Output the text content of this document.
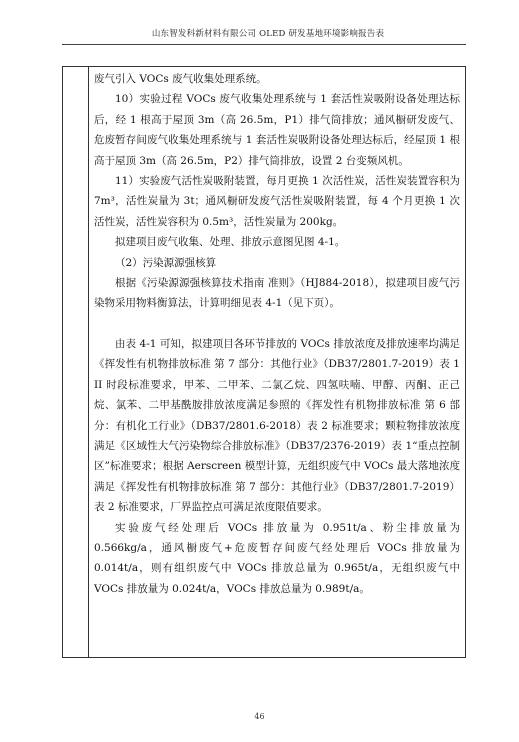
山东智发科新材料有限公司 OLED 研发基地环境影响报告表

废气引入 VOCs 废气收集处理系统。

10）实验过程 VOCs 废气收集处理系统与 1 套活性炭吸附设备处理达标后，经 1 根高于屋顶 3m（高 26.5m，P1）排气筒排放；通风橱研发废气、危废暂存间废气收集处理系统与 1 套活性炭吸附设备处理达标后，经屋顶 1 根高于屋顶 3m（高 26.5m，P2）排气筒排放，设置 2 台变频风机。

11）实验废气活性炭吸附装置，每月更换 1 次活性炭，活性炭装置容积为 7m³，活性炭量为 3t；通风橱研发废气活性炭吸附装置，每 4 个月更换 1 次活性炭，活性炭容积为 0.5m³，活性炭量为 200kg。

拟建项目废气收集、处理、排放示意图见图 4-1。

（2）污染源源强核算

根据《污染源源强核算技术指南 准则》（HJ884-2018），拟建项目废气污染物采用物料衡算法，计算明细见表 4-1（见下页）。

由表 4-1 可知，拟建项目各环节排放的 VOCs 排放浓度及排放速率均满足《挥发性有机物排放标准 第 7 部分：其他行业》（DB37/2801.7-2019）表 1 II 时段标准要求，甲苯、二甲苯、二氯乙烷、四氢呋喃、甲醇、丙酮、正己烷、氯苯、二甲基酰胺排放浓度满足参照的《挥发性有机物排放标准 第 6 部分：有机化工行业》（DB37/2801.6-2018）表 2 标准要求；颗粒物排放浓度满足《区域性大气污染物综合排放标准》（DB37/2376-2019）表 1“重点控制区”标准要求；根据 Aerscreen 模型计算，无组织废气中 VOCs 最大落地浓度满足《挥发性有机物排放标准 第 7 部分：其他行业》（DB37/2801.7-2019）表 2 标准要求，厂界监控点可满足浓度限值要求。

实验废气经处理后 VOCs 排放量为 0.951t/a、粉尘排放量为 0.566kg/a，通风橱废气+危废暂存间废气经处理后 VOCs 排放量为 0.014t/a，则有组织废气中 VOCs 排放总量为 0.965t/a，无组织废气中 VOCs 排放量为 0.024t/a，VOCs 排放总量为 0.989t/a。

46
